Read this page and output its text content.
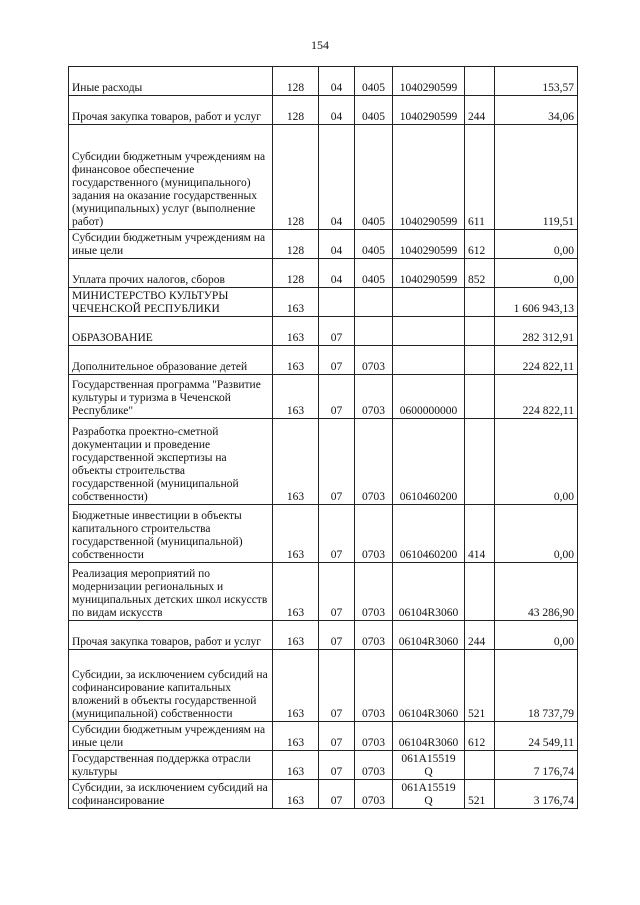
154
Иные расходы	128	04	0405	1040290599		153,57
Прочая закупка товаров, работ и услуг	128	04	0405	1040290599	244	34,06
Субсидии бюджетным учреждениям на финансовое обеспечение государственного (муниципального) задания на оказание государственных (муниципальных) услуг (выполнение работ)	128	04	0405	1040290599	611	119,51
Субсидии бюджетным учреждениям на иные цели	128	04	0405	1040290599	612	0,00
Уплата прочих налогов, сборов	128	04	0405	1040290599	852	0,00
МИНИСТЕРСТВО КУЛЬТУРЫ ЧЕЧЕНСКОЙ РЕСПУБЛИКИ	163					1 606 943,13
ОБРАЗОВАНИЕ	163	07				282 312,91
Дополнительное образование детей	163	07	0703			224 822,11
Государственная программа "Развитие культуры и туризма в Чеченской Республике"	163	07	0703	0600000000		224 822,11
Разработка проектно-сметной документации и проведение государственной экспертизы на объекты строительства государственной (муниципальной собственности)	163	07	0703	0610460200		0,00
Бюджетные инвестиции в объекты капитального строительства государственной (муниципальной) собственности	163	07	0703	0610460200	414	0,00
Реализация мероприятий по модернизации региональных и муниципальных детских школ искусств по видам искусств	163	07	0703	06104R3060		43 286,90
Прочая закупка товаров, работ и услуг	163	07	0703	06104R3060	244	0,00
Субсидии, за исключением субсидий на софинансирование капитальных вложений в объекты государственной (муниципальной) собственности	163	07	0703	06104R3060	521	18 737,79
Субсидии бюджетным учреждениям на иные цели	163	07	0703	06104R3060	612	24 549,11
Государственная поддержка отрасли культуры	163	07	0703	061A15519 Q		7 176,74
Субсидии, за исключением субсидий на софинансирование	163	07	0703	061A15519 Q	521	3 176,74
